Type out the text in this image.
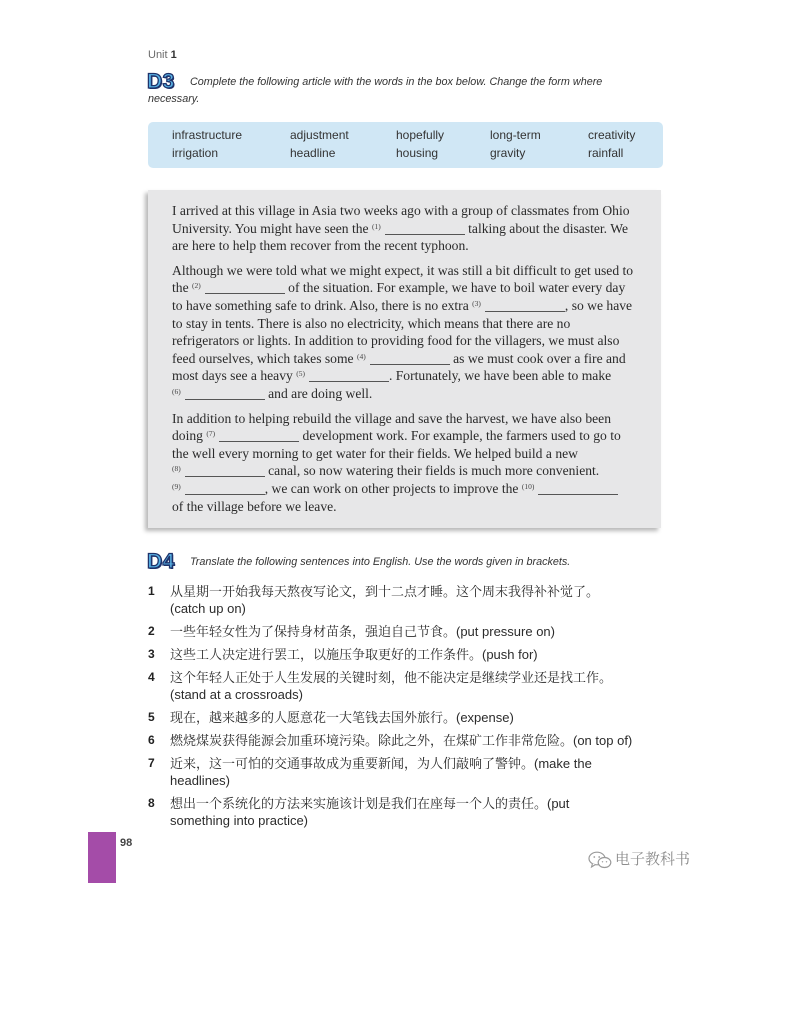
Unit 1
D3	Complete the following article with the words in the box below. Change the form where
necessary.
infrastructure	adjustment	hopefully	long-term	creativity
irrigation	headline	housing	gravity	rainfall
I arrived at this village in Asia two weeks ago with a group of classmates from Ohio
University. You might have seen the $^{(1)}$	talking about the disaster. We
are here to help them recover from the recent typhoon.
Although we were told what we might expect, it was still a bit difficult to get used to
the $^{(2)}$	of the situation. For example, we have to boil water every day
to have something safe to drink. Also, there is no extra $^{(3)}$	, so we have
to stay in tents. There is also no electricity, which means that there are no
refrigerators or lights. In addition to providing food for the villagers, we must also
feed ourselves, which takes some $^{(4)}$	as we must cook over a fire and
most days see a heavy $^{(5)}$	. Fortunately, we have been able to make
$^{(6)}$	and are doing well.
In addition to helping rebuild the village and save the harvest, we have also been
doing $^{(7)}$	development work. For example, the farmers used to go to
the well every morning to get water for their fields. We helped build a new
$^{(8)}$	canal, so now watering their fields is much more convenient.
$^{(9)}$	, we can work on other projects to improve the $^{(10)}$
of the village before we leave.
D4 Translate the following sentences into English. Use the words given in brackets.
1	从星期一开始我每天熬夜写论文，到十二点才睡。这个周末我得补补觉了。
(catch up on)
2	一些年轻女性为了保持身材苗条，强迫自己节食。(put pressure on)
3	这些工人决定进行罢工，以施压争取更好的工作条件。(push for)
4	这个年轻人正处于人生发展的关键时刻，他不能决定是继续学业还是找工作。
(stand at a crossroads)
5	现在，越来越多的人愿意花一大笔钱去国外旅行。(expense)
6	燃烧煤炭获得能源会加重环境污染。除此之外，在煤矿工作非常危险。(on top of)
7	近来，这一可怕的交通事故成为重要新闻，为人们敲响了警钟。(make the
headlines)
8	想出一个系统化的方法来实施该计划是我们在座每一个人的责任。(put
something into practice)
98
电子教科书
